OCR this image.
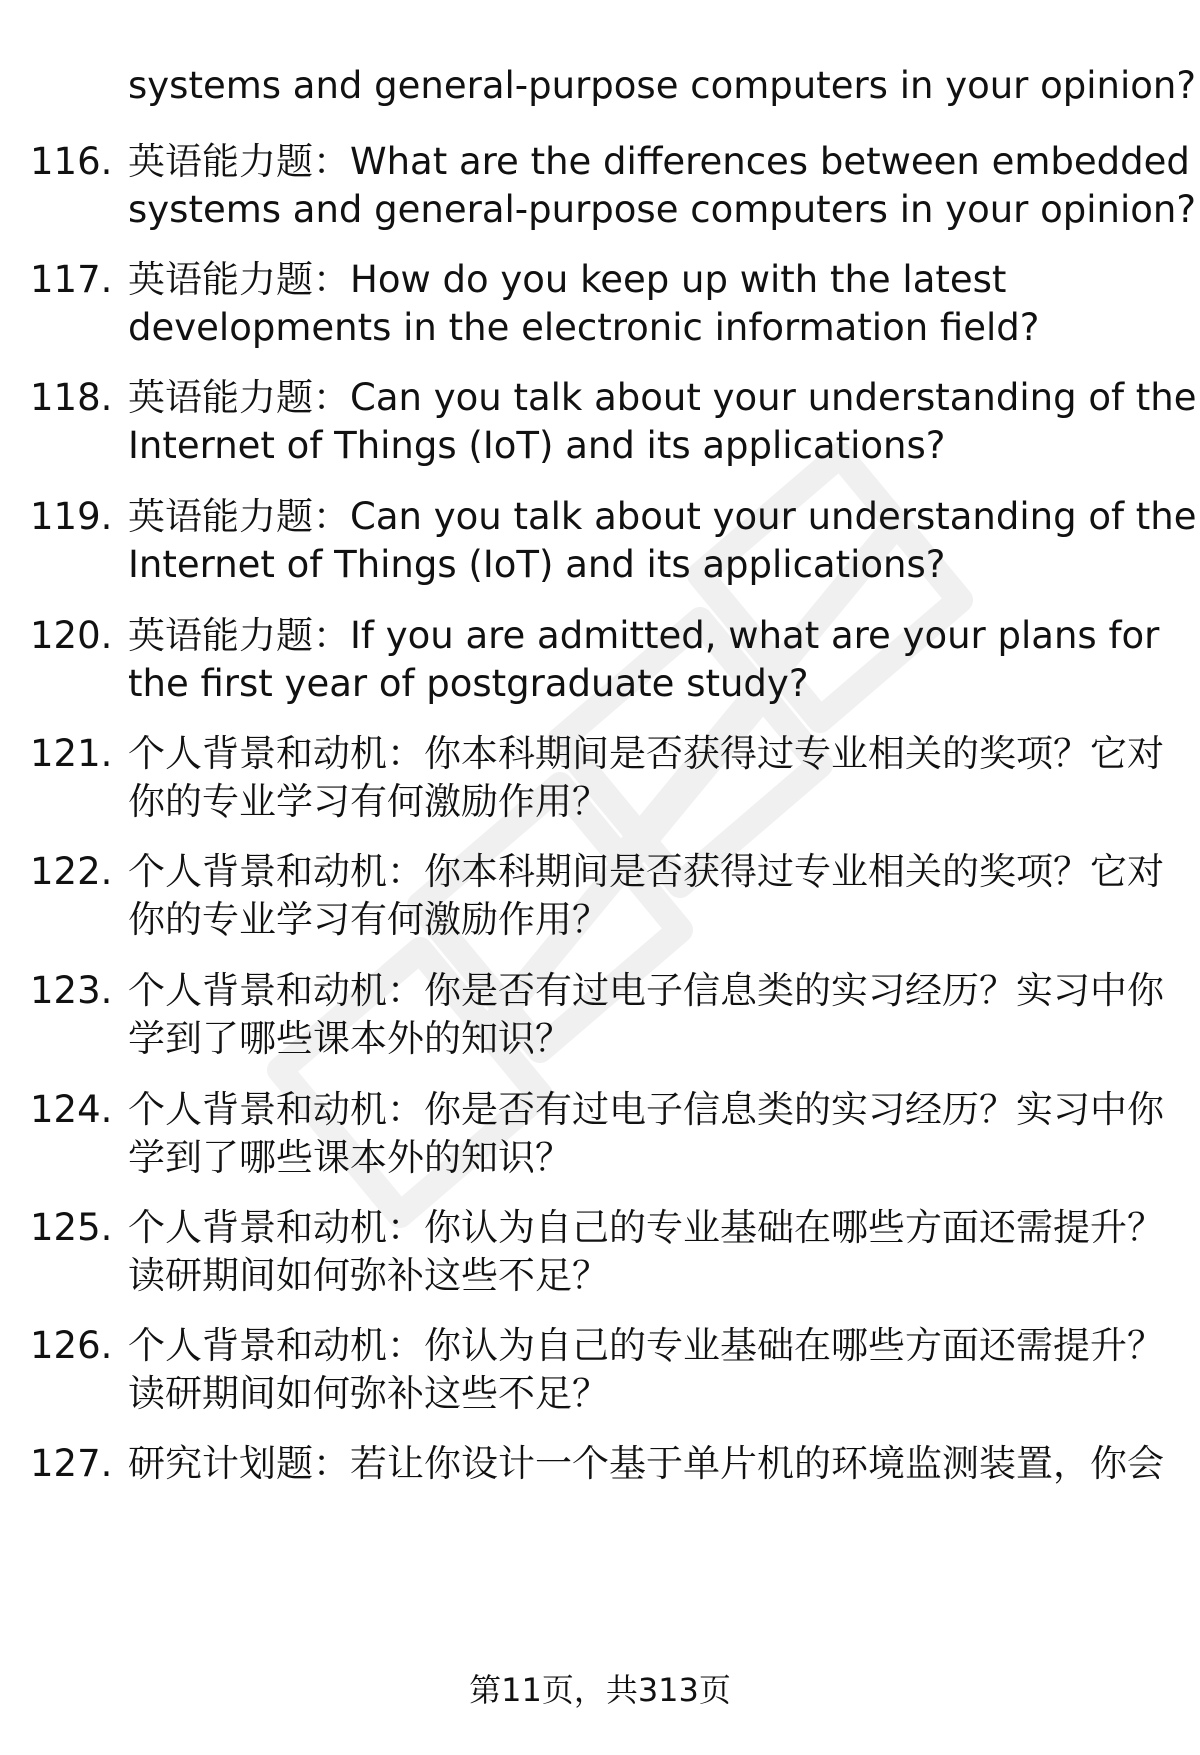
systems and general-purpose computers in your opinion?
116. 英语能力题：What are the differences between embedded
systems and general-purpose computers in your opinion?
117. 英语能力题：How do you keep up with the latest
developments in the electronic information field?
118. 英语能力题：Can you talk about your understanding of the
Internet of Things (IoT) and its applications?
119. 英语能力题：Can you talk about your understanding of the
Internet of Things (IoT) and its applications?
120. 英语能力题：If you are admitted, what are your plans for
the first year of postgraduate study?
121. 个人背景和动机：你本科期间是否获得过专业相关的奖项？它对
你的专业学习有何激励作用？
122. 个人背景和动机：你本科期间是否获得过专业相关的奖项？它对
你的专业学习有何激励作用？
123. 个人背景和动机：你是否有过电子信息类的实习经历？实习中你
学到了哪些课本外的知识？
124. 个人背景和动机：你是否有过电子信息类的实习经历？实习中你
学到了哪些课本外的知识？
125. 个人背景和动机：你认为自己的专业基础在哪些方面还需提升？
读研期间如何弥补这些不足？
126. 个人背景和动机：你认为自己的专业基础在哪些方面还需提升？
读研期间如何弥补这些不足？
127. 研究计划题：若让你设计一个基于单片机的环境监测装置，你会
第11页，共313页
